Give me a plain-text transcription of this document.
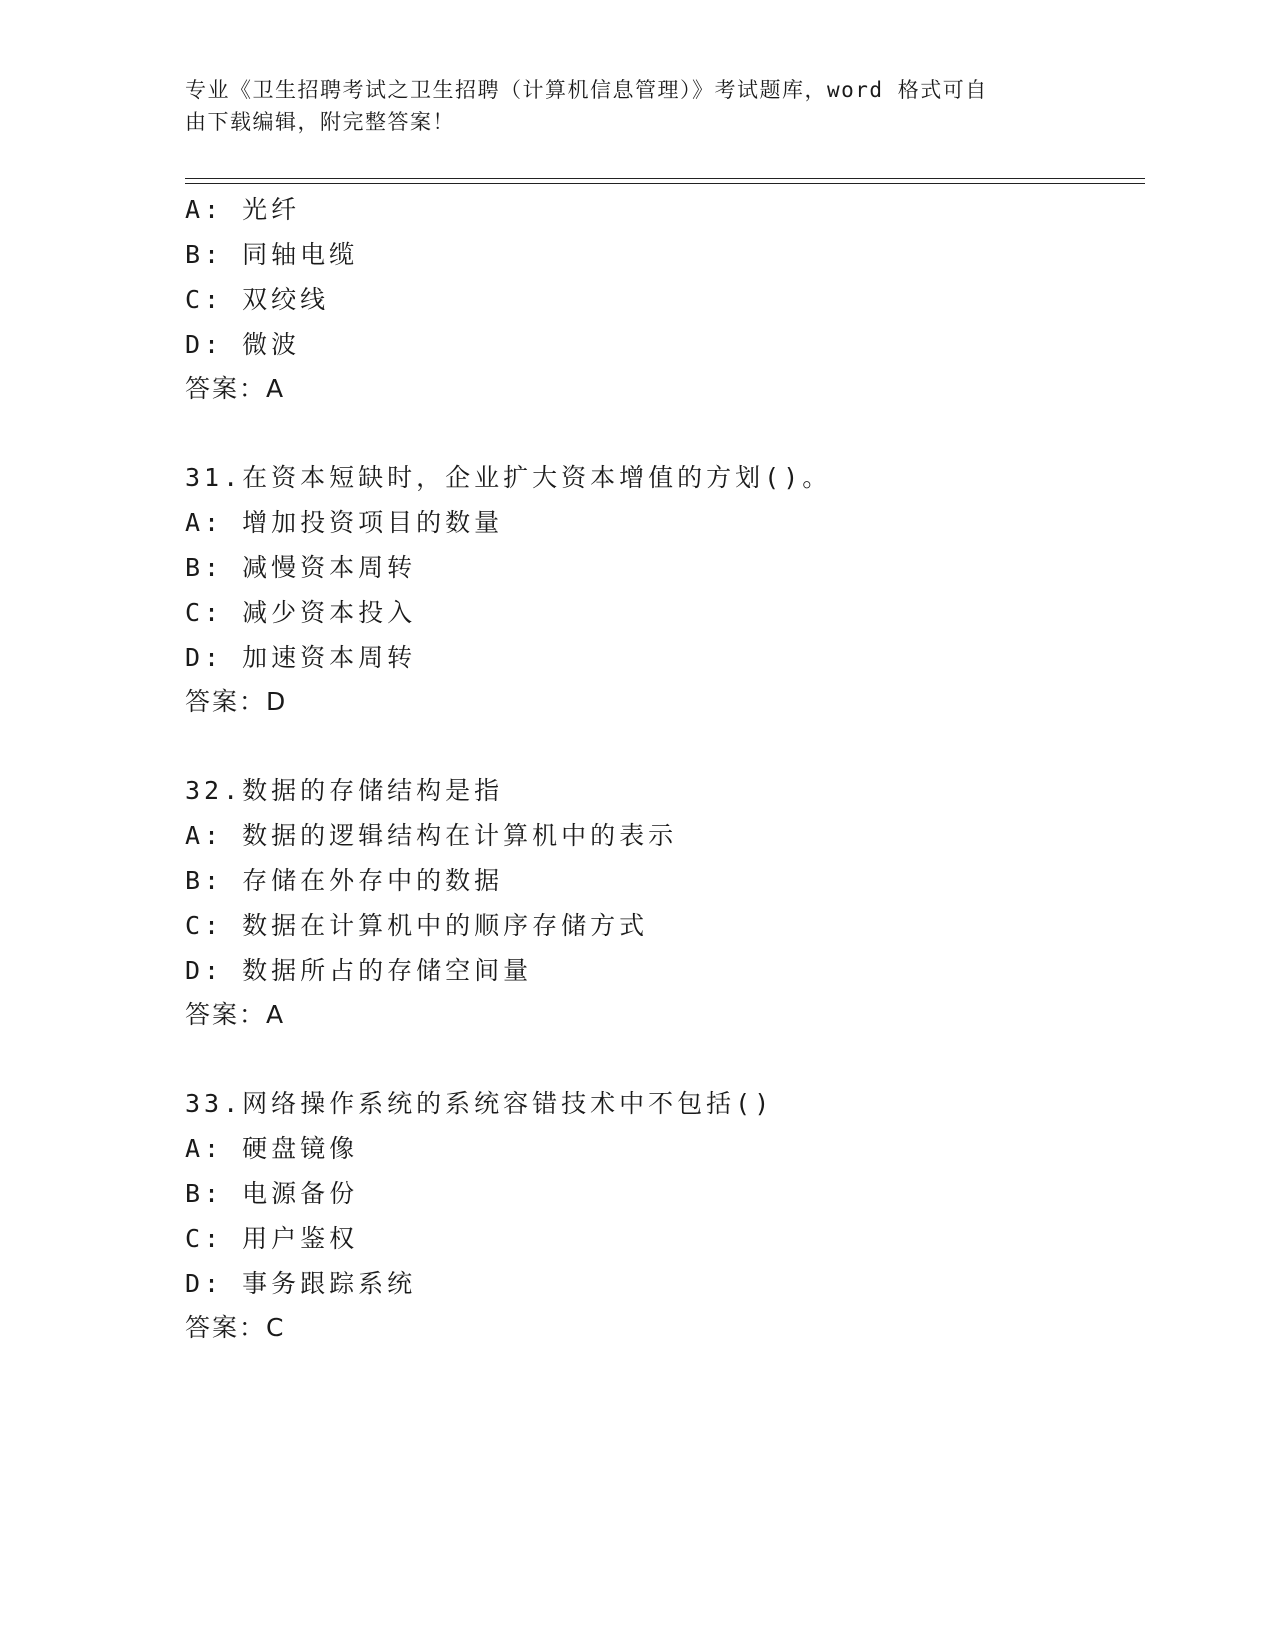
专业《卫生招聘考试之卫生招聘（计算机信息管理）》考试题库，word 格式可自
由下载编辑，附完整答案！
A: 光纤
B: 同轴电缆
C: 双绞线
D: 微波
答案：A
31.在资本短缺时，企业扩大资本增值的方划()。
A: 增加投资项目的数量
B: 减慢资本周转
C: 减少资本投入
D: 加速资本周转
答案：D
32.数据的存储结构是指
A: 数据的逻辑结构在计算机中的表示
B: 存储在外存中的数据
C: 数据在计算机中的顺序存储方式
D: 数据所占的存储空间量
答案：A
33.网络操作系统的系统容错技术中不包括()
A: 硬盘镜像
B: 电源备份
C: 用户鉴权
D: 事务跟踪系统
答案：C
